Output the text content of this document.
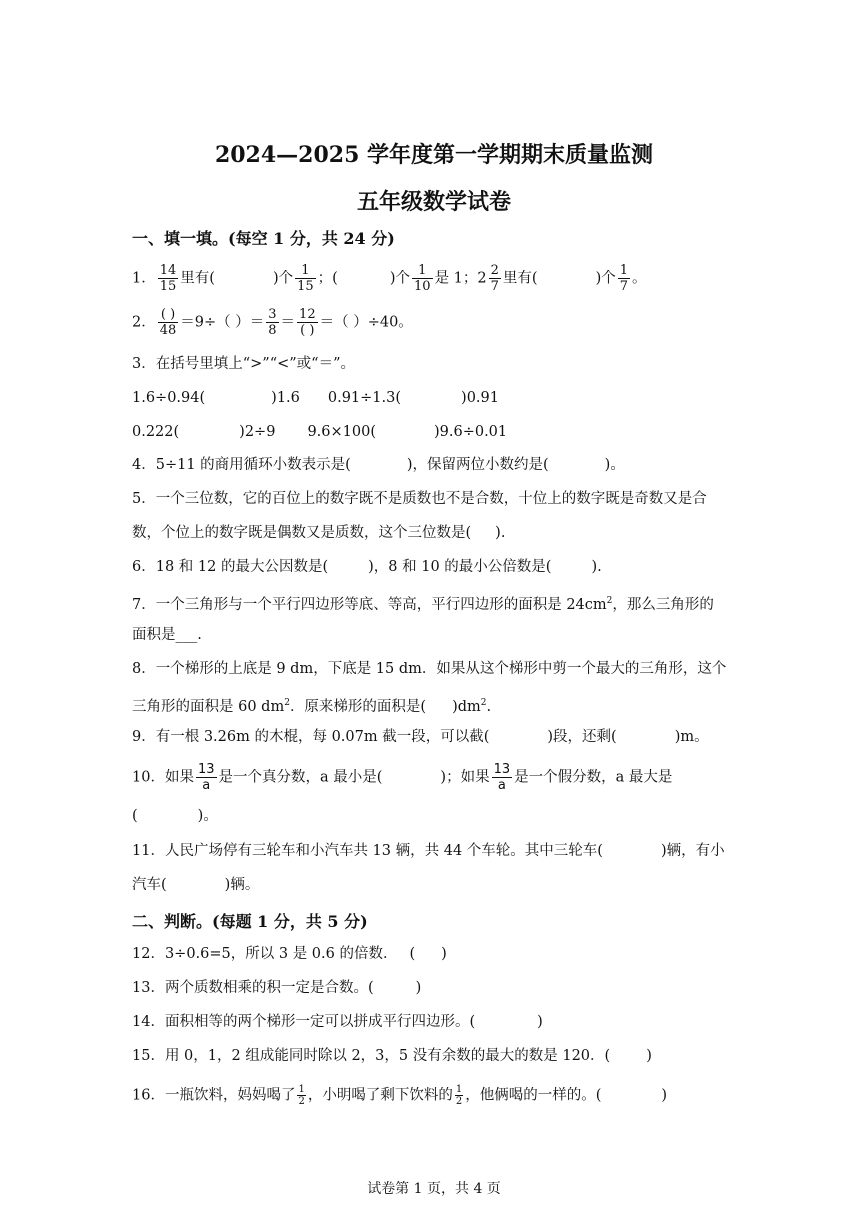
2024—2025 学年度第一学期期末质量监测
五年级数学试卷
一、填一填。(每空 1 分，共 24 分)
1． $\frac{14}{15}$ 里有(	)个 $\frac{1}{15}$ ；(	)个 $\frac{1}{10}$ 是 1；$2 \frac{2}{7}$ 里有(	)个 $\frac{1}{7}$ 。
2． $\frac{( )}{48} =9\div$（ ）＝ $\frac{3}{8} = \frac{12}{( )}$ ＝（ ）÷40。
3．在括号里填上“>”“<”或“＝”。
1.6÷0.94(	)1.6 0.91÷1.3(	)0.91
0.222(	)2÷9 9.6×100(	)9.6÷0.01
4．5÷11 的商用循环小数表示是(	)，保留两位小数约是(	)。
5．一个三位数，它的百位上的数字既不是质数也不是合数，十位上的数字既是奇数又是合
数，个位上的数字既是偶数又是质数，这个三位数是( ).
6．18 和 12 的最大公因数是(	)，8 和 10 的最小公倍数是(	).
7．一个三角形与一个平行四边形等底、等高，平行四边形的面积是 $24cm^2$，那么三角形的
面积是___.
8．一个梯形的上底是 9 dm，下底是 15 dm．如果从这个梯形中剪一个最大的三角形，这个
三角形的面积是 60 $dm^2$．原来梯形的面积是( )$dm^2$.
9．有一根 3.26m 的木棍，每 0.07m 截一段，可以截(	)段，还剩(	)m。
10．如果 $\frac{13}{a}$ 是一个真分数，a 最小是(	)；如果 $\frac{13}{a}$ 是一个假分数，a 最大是
(	)。
11．人民广场停有三轮车和小汽车共 13 辆，共 44 个车轮。其中三轮车(	)辆，有小
汽车(	)辆。
二、判断。(每题 1 分，共 5 分)
12．3÷0.6=5，所以 3 是 0.6 的倍数． ( )
13．两个质数相乘的积一定是合数。(	)
14．面积相等的两个梯形一定可以拼成平行四边形。(	)
15．用 0，1，2 组成能同时除以 2，3，5 没有余数的最大的数是 120．( )
16．一瓶饮料，妈妈喝了 $\frac{1}{2}$ ，小明喝了剩下饮料的 $\frac{1}{2}$ ，他俩喝的一样的。(	)
试卷第 1 页，共 4 页
